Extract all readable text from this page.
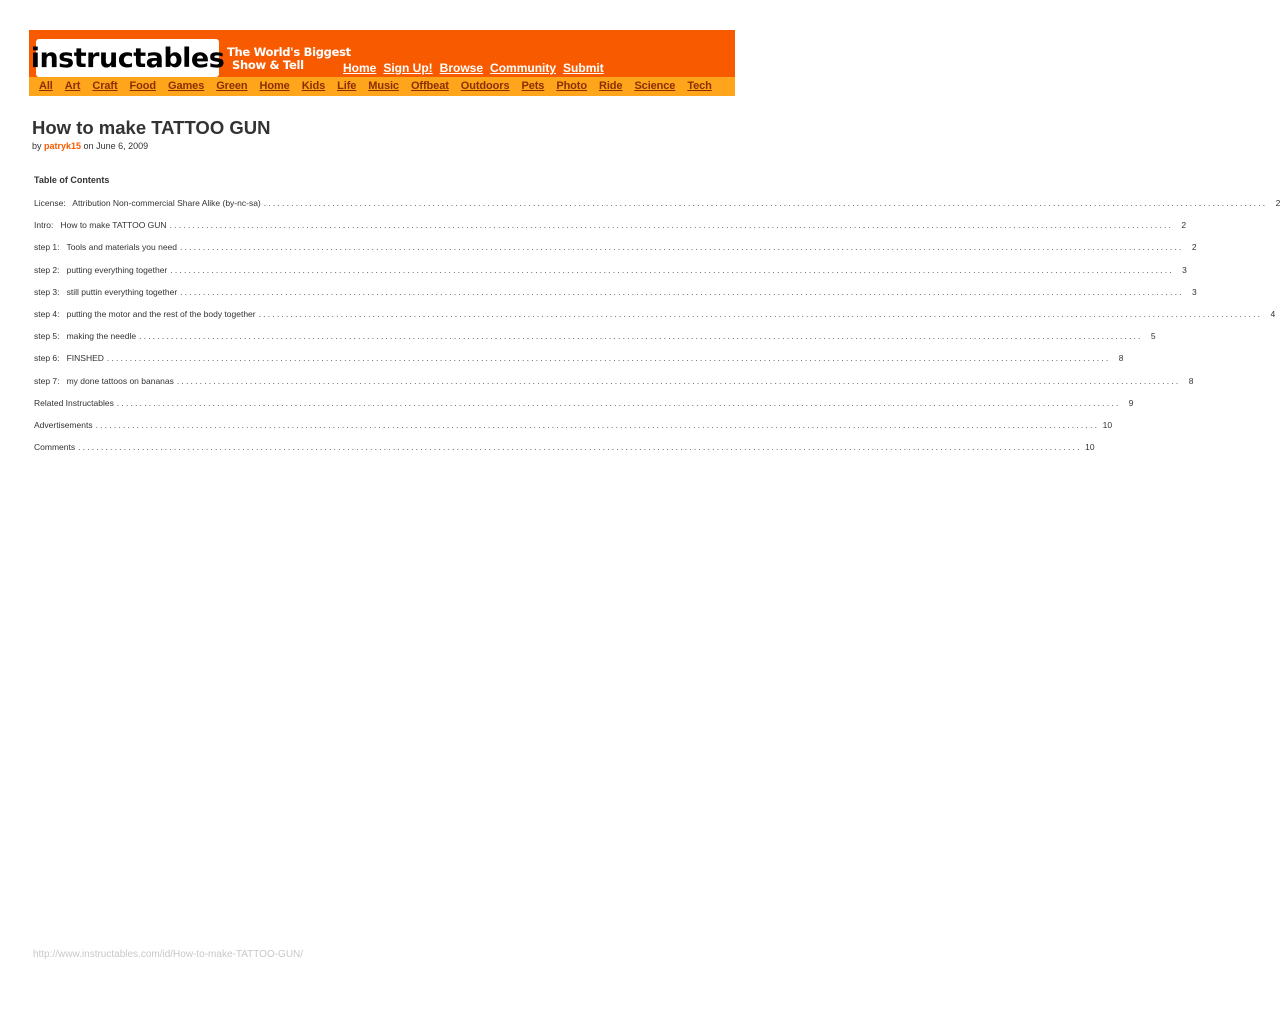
instructables The World's Biggest
Show & Tell	Home Sign Up! Browse Community Submit
All Art Craft Food Games Green Home Kids Life Music Offbeat Outdoors Pets Photo Ride Science Tech
How to make TATTOO GUN
by patryk15 on June 6, 2009
Table of Contents
License:   Attribution Non-commercial Share Alike (by-nc-sa) ............................................................................................................................................................................................................................ 2
Intro:   How to make TATTOO GUN ............................................................................................................................................................................................................................ 2
step 1:   Tools and materials you need ............................................................................................................................................................................................................................ 2
step 2:   putting everything together ............................................................................................................................................................................................................................ 3
step 3:   still puttin everything together ............................................................................................................................................................................................................................ 3
step 4:   putting the motor and the rest of the body together ............................................................................................................................................................................................................................ 4
step 5:   making the needle ............................................................................................................................................................................................................................ 5
step 6:   FINSHED ............................................................................................................................................................................................................................ 8
step 7:   my done tattoos on bananas ............................................................................................................................................................................................................................ 8
Related Instructables ............................................................................................................................................................................................................................ 9
Advertisements ............................................................................................................................................................................................................................ 10
Comments ............................................................................................................................................................................................................................ 10
http://www.instructables.com/id/How-to-make-TATTOO-GUN/
